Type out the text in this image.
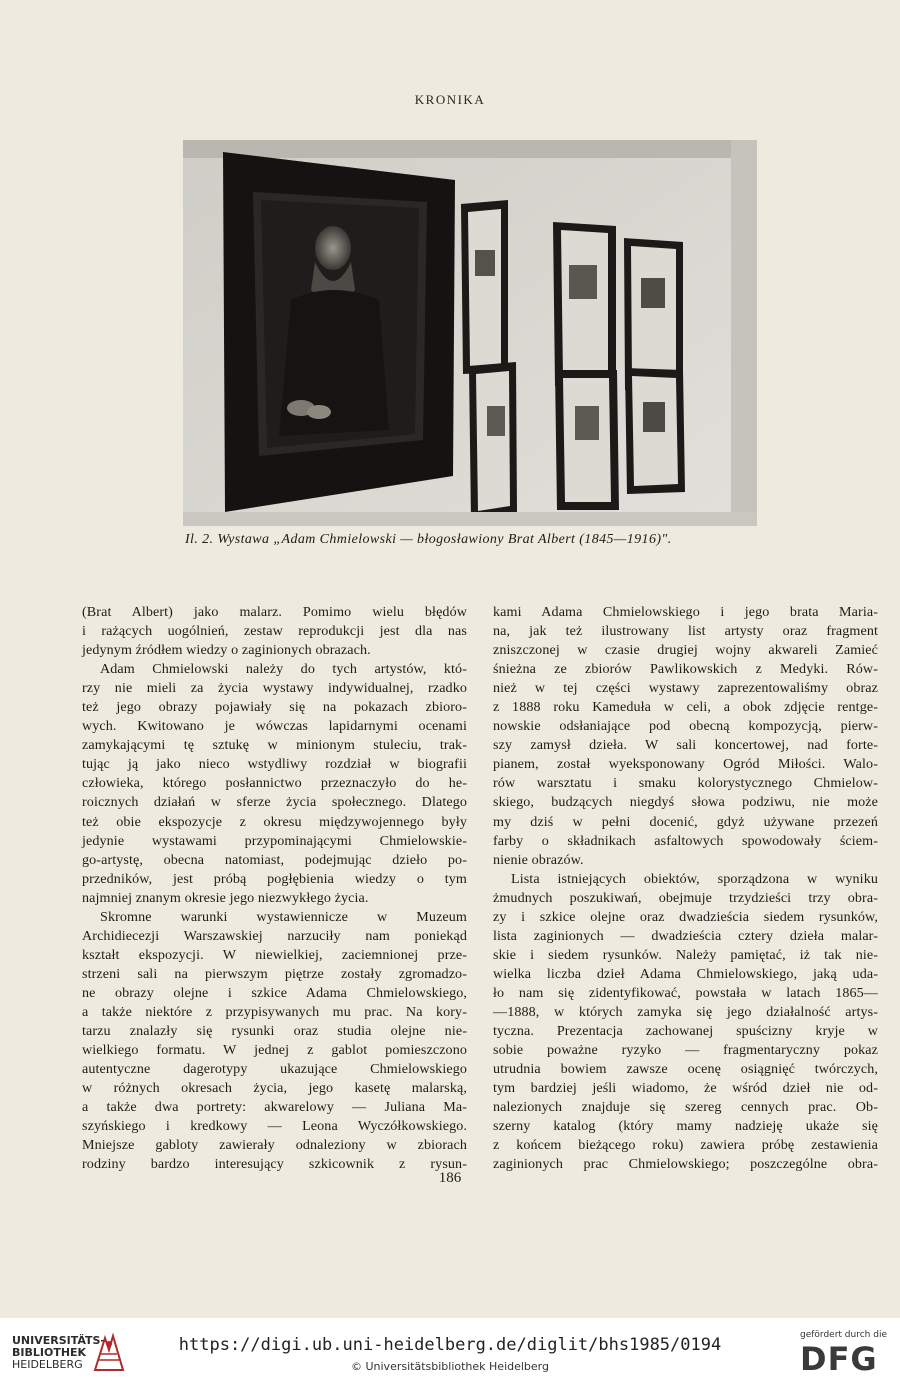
KRONIKA
Il. 2. Wystawa „Adam Chmielowski — błogosławiony Brat Albert (1845—1916)".
(Brat Albert) jako malarz. Pomimo wielu błędów
i rażących uogólnień, zestaw reprodukcji jest dla nas
jedynym źródłem wiedzy o zaginionych obrazach.
Adam Chmielowski należy do tych artystów, któ-
rzy nie mieli za życia wystawy indywidualnej, rzadko
też jego obrazy pojawiały się na pokazach zbioro-
wych. Kwitowano je wówczas lapidarnymi ocenami
zamykającymi tę sztukę w minionym stuleciu, trak-
tując ją jako nieco wstydliwy rozdział w biografii
człowieka, którego posłannictwo przeznaczyło do he-
roicznych działań w sferze życia społecznego. Dlatego
też obie ekspozycje z okresu międzywojennego były
jedynie wystawami przypominającymi Chmielowskie-
go-artystę, obecna natomiast, podejmując dzieło po-
przedników, jest próbą pogłębienia wiedzy o tym
najmniej znanym okresie jego niezwykłego życia.
Skromne warunki wystawiennicze w Muzeum
Archidiecezji Warszawskiej narzuciły nam poniekąd
kształt ekspozycji. W niewielkiej, zaciemnionej prze-
strzeni sali na pierwszym piętrze zostały zgromadzo-
ne obrazy olejne i szkice Adama Chmielowskiego,
a także niektóre z przypisywanych mu prac. Na kory-
tarzu znalazły się rysunki oraz studia olejne nie-
wielkiego formatu. W jednej z gablot pomieszczono
autentyczne dagerotypy ukazujące Chmielowskiego
w różnych okresach życia, jego kasetę malarską,
a także dwa portrety: akwarelowy — Juliana Ma-
szyńskiego i kredkowy — Leona Wyczółkowskiego.
Mniejsze gabloty zawierały odnaleziony w zbiorach
rodziny bardzo interesujący szkicownik z rysun-
kami Adama Chmielowskiego i jego brata Maria-
na, jak też ilustrowany list artysty oraz fragment
zniszczonej w czasie drugiej wojny akwareli Zamieć
śnieżna ze zbiorów Pawlikowskich z Medyki. Rów-
nież w tej części wystawy zaprezentowaliśmy obraz
z 1888 roku Kameduła w celi, a obok zdjęcie rentge-
nowskie odsłaniające pod obecną kompozycją, pierw-
szy zamysł dzieła. W sali koncertowej, nad forte-
pianem, został wyeksponowany Ogród Miłości. Walo-
rów warsztatu i smaku kolorystycznego Chmielow-
skiego, budzących niegdyś słowa podziwu, nie może
my dziś w pełni docenić, gdyż używane przezeń
farby o składnikach asfaltowych spowodowały ściem-
nienie obrazów.
Lista istniejących obiektów, sporządzona w wyniku
żmudnych poszukiwań, obejmuje trzydzieści trzy obra-
zy i szkice olejne oraz dwadzieścia siedem rysunków,
lista zaginionych — dwadzieścia cztery dzieła malar-
skie i siedem rysunków. Należy pamiętać, iż tak nie-
wielka liczba dzieł Adama Chmielowskiego, jaką uda-
ło nam się zidentyfikować, powstała w latach 1865—
—1888, w których zamyka się jego działalność artys-
tyczna. Prezentacja zachowanej spuścizny kryje w
sobie poważne ryzyko — fragmentaryczny pokaz
utrudnia bowiem zawsze ocenę osiągnięć twórczych,
tym bardziej jeśli wiadomo, że wśród dzieł nie od-
nalezionych znajduje się szereg cennych prac. Ob-
szerny katalog (który mamy nadzieję ukaże się
z końcem bieżącego roku) zawiera próbę zestawienia
zaginionych prac Chmielowskiego; poszczególne obra-
186
UNIVERSITÄTS-
BIBLIOTHEK
HEIDELBERG
https://digi.ub.uni-heidelberg.de/diglit/bhs1985/0194
© Universitätsbibliothek Heidelberg
gefördert durch die
DFG
